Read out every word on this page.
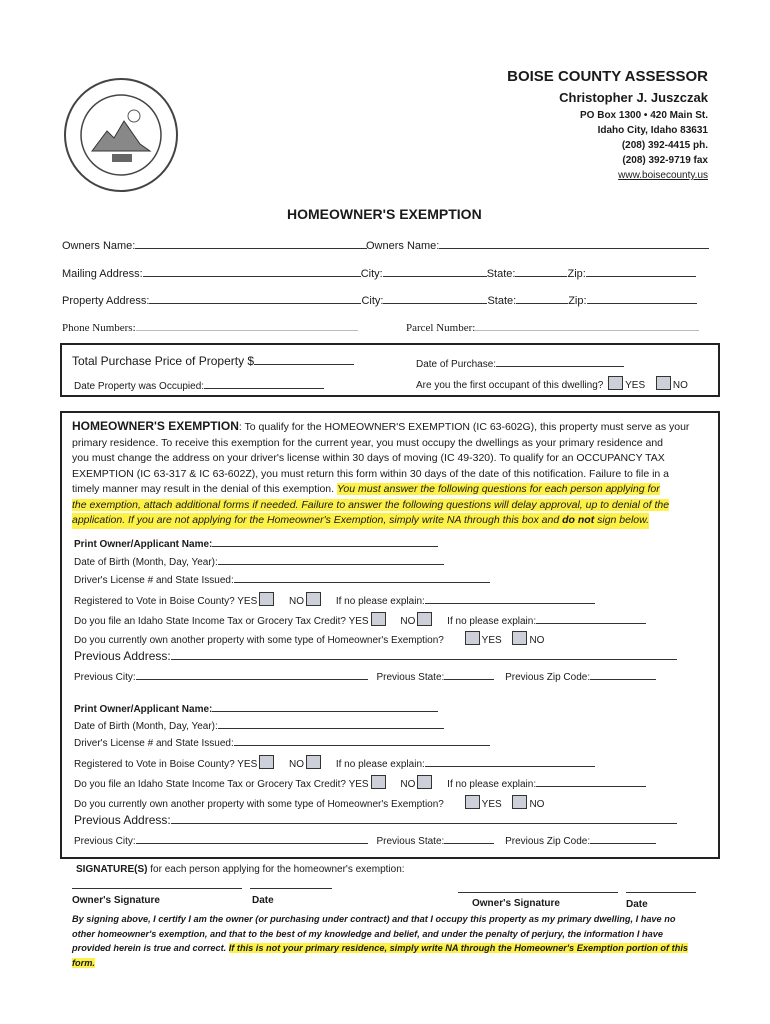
BOISE COUNTY ASSESSOR
Christopher J. Juszczak
PO Box 1300 • 420 Main St.
Idaho City, Idaho 83631
(208) 392-4415 ph.
(208) 392-9719 fax
www.boisecounty.us
HOMEOWNER'S EXEMPTION
Owners Name:	Owners Name:
Mailing Address:	City:	State:	Zip:
Property Address:	City:	State:	Zip:
Phone Numbers:	Parcel Number:
Total Purchase Price of Property $	Date of Purchase:
Date Property was Occupied:	Are you the first occupant of this dwelling? YES	NO
HOMEOWNER'S EXEMPTION: To qualify for the HOMEOWNER'S EXEMPTION (IC 63-602G), this property must serve as your
primary residence. To receive this exemption for the current year, you must occupy the dwellings as your primary residence and
you must change the address on your driver's license within 30 days of moving (IC 49-320). To qualify for an OCCUPANCY TAX
EXEMPTION (IC 63-317 & IC 63-602Z), you must return this form within 30 days of the date of this notification. Failure to file in a
timely manner may result in the denial of this exemption. You must answer the following questions for each person applying for
the exemption, attach additional forms if needed. Failure to answer the following questions will delay approval, up to denial of the
application. If you are not applying for the Homeowner's Exemption, simply write NA through this box and do not sign below.
Print Owner/Applicant Name:
Date of Birth (Month, Day, Year):
Driver's License # and State Issued:
Registered to Vote in Boise County? YES	NO	If no please explain:
Do you file an Idaho State Income Tax or Grocery Tax Credit? YES	NO	If no please explain:
Do you currently own another property with some type of Homeowner's Exemption?	YES	NO
Previous Address:
Previous City:	Previous State:	Previous Zip Code:
Print Owner/Applicant Name:
Date of Birth (Month, Day, Year):
Driver's License # and State Issued:
Registered to Vote in Boise County? YES	NO	If no please explain:
Do you file an Idaho State Income Tax or Grocery Tax Credit? YES	NO	If no please explain:
Do you currently own another property with some type of Homeowner's Exemption?	YES	NO
Previous Address:
Previous City:	Previous State:	Previous Zip Code:
SIGNATURE(S) for each person applying for the homeowner's exemption:
Owner's Signature	Date	Owner's Signature	Date
By signing above, I certify I am the owner (or purchasing under contract) and that I occupy this property as my primary dwelling, I have no
other homeowner's exemption, and that to the best of my knowledge and belief, and under the penalty of perjury, the information I have
provided herein is true and correct. If this is not your primary residence, simply write NA through the Homeowner's Exemption portion of this
form.
